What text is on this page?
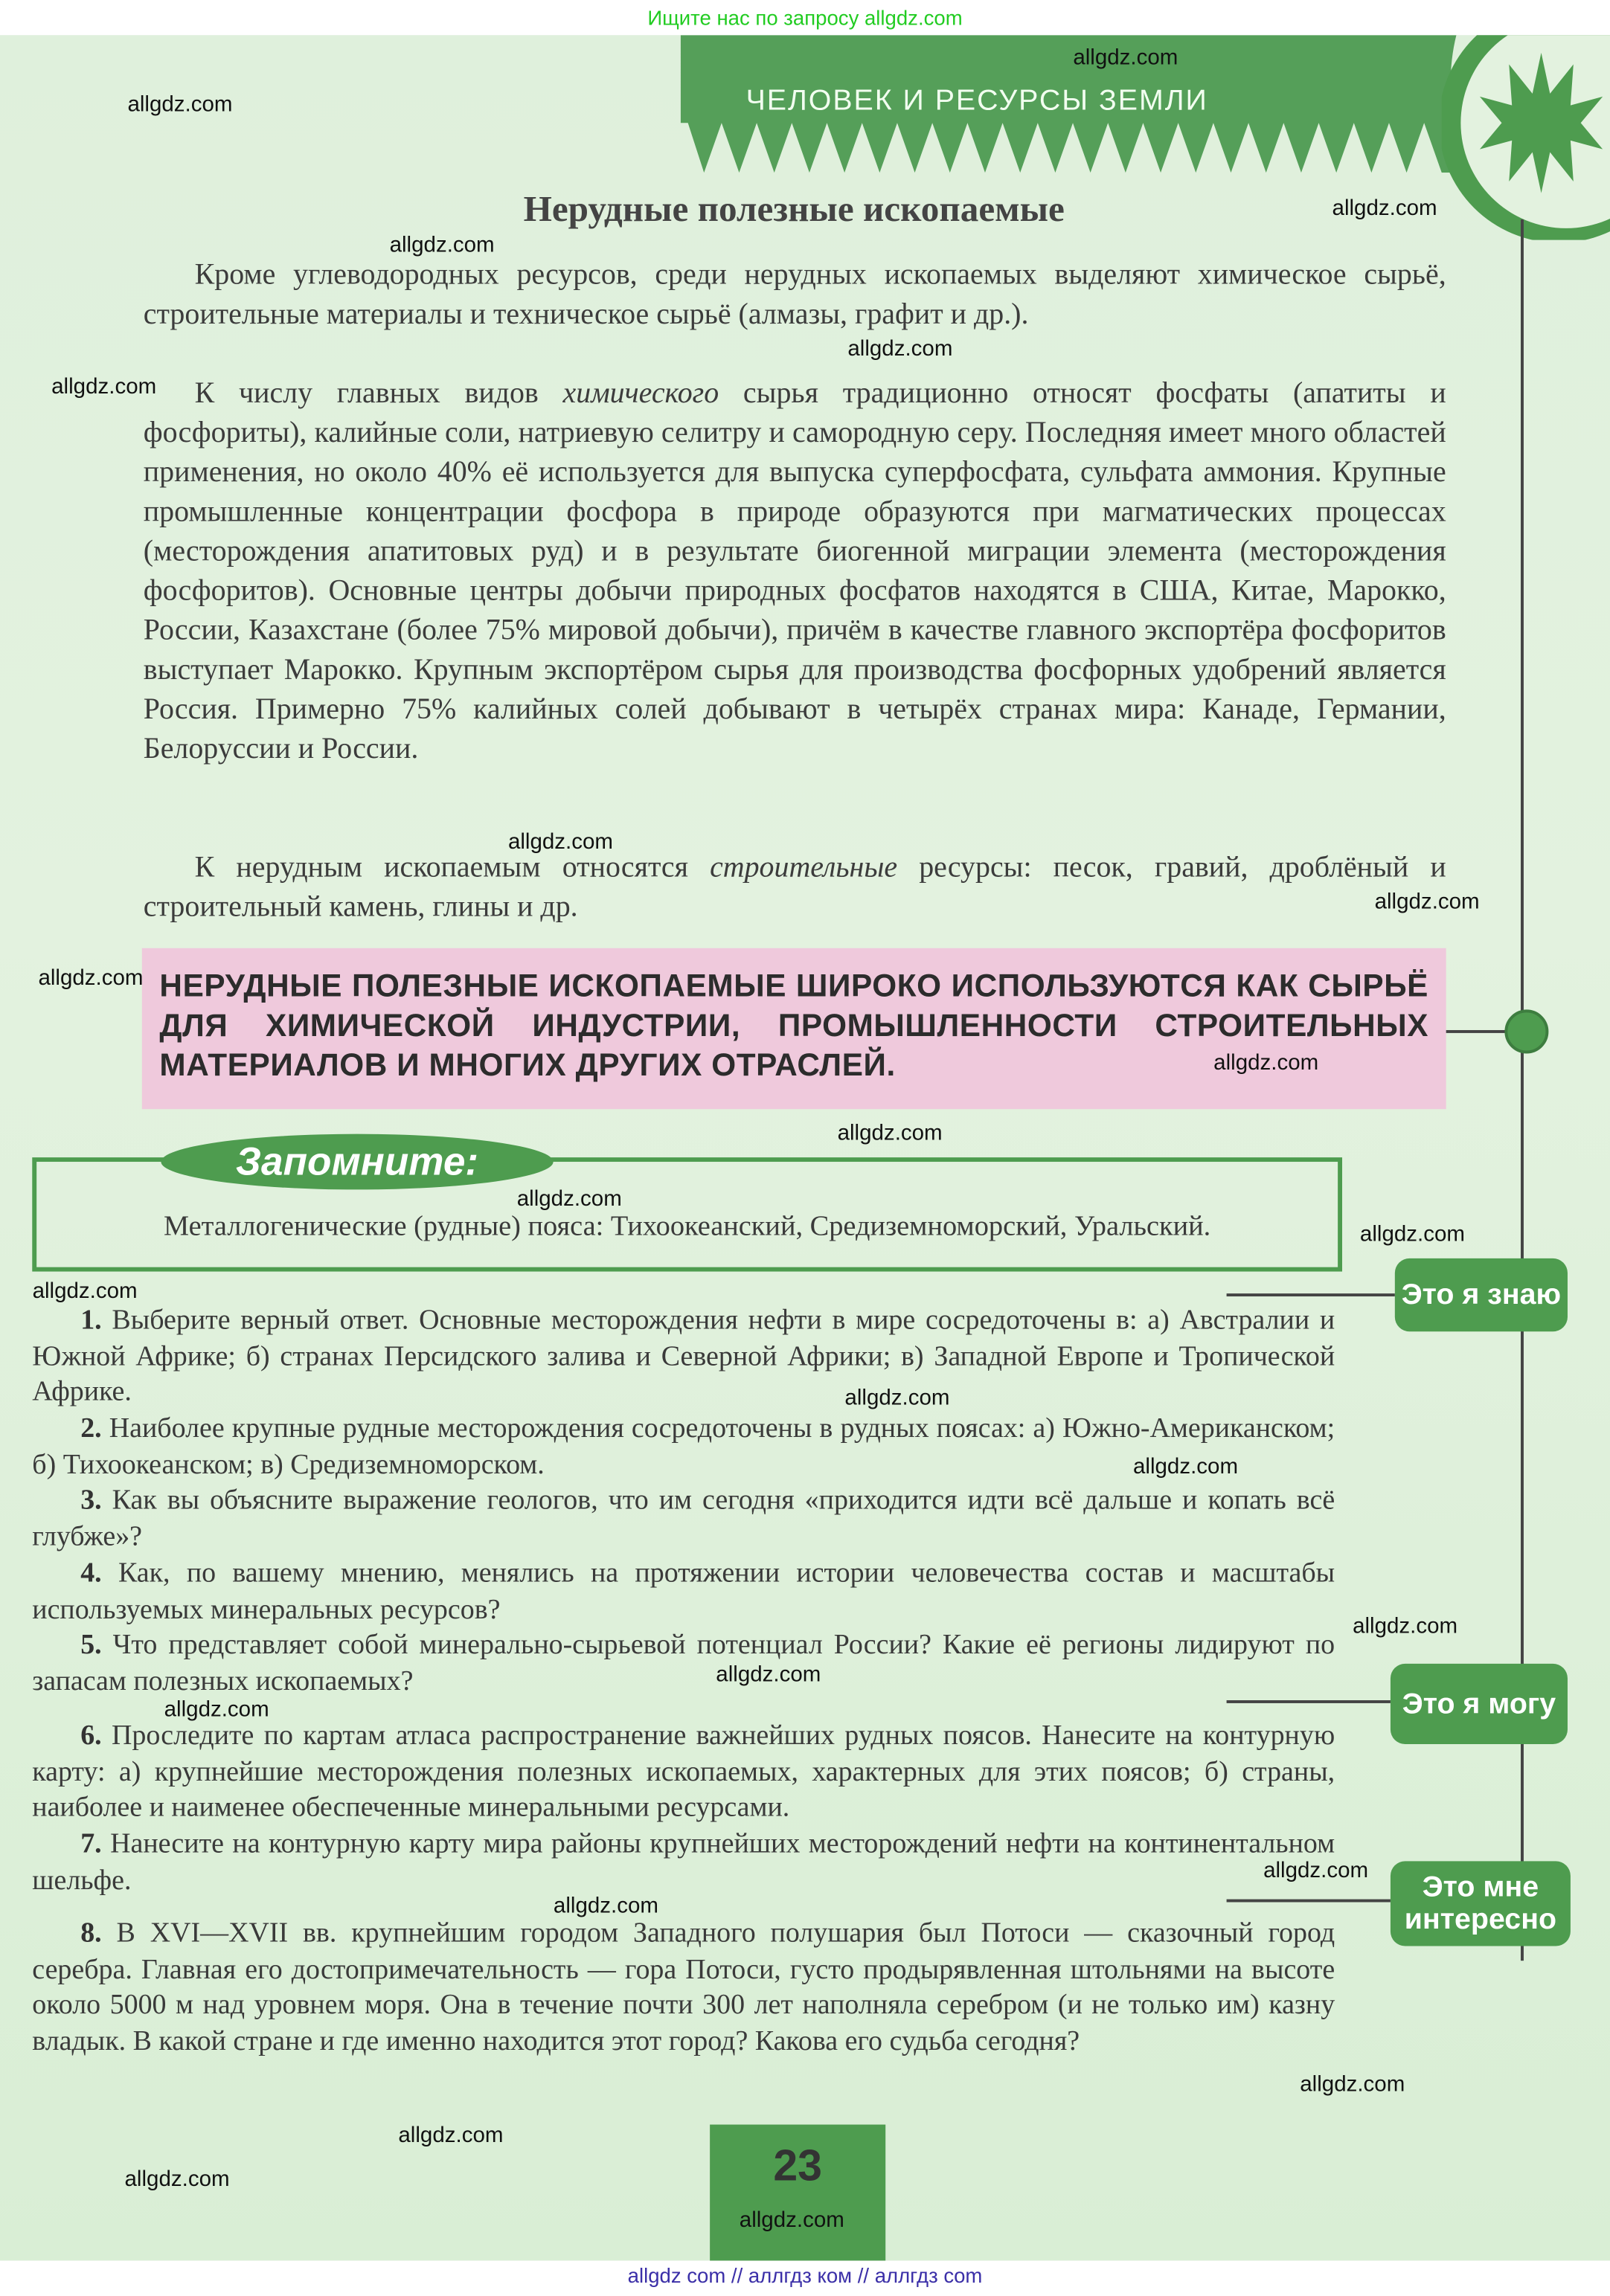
Ищите нас по запросу allgdz.com
ЧЕЛОВЕК И РЕСУРСЫ ЗЕМЛИ
Нерудные полезные ископаемые

Кроме углеводородных ресурсов, среди нерудных ископаемых выделяют химическое сырьё, строительные материалы и техническое сырьё (алмазы, графит и др.).

К числу главных видов химического сырья традиционно относят фосфаты (апатиты и фосфориты), калийные соли, натриевую селитру и самородную серу. Последняя имеет много областей применения, но около 40% её используется для выпуска суперфосфата, сульфата аммония. Крупные промышленные концентрации фосфора в природе образуются при магматических процессах (месторождения апатитовых руд) и в результате биогенной миграции элемента (месторождения фосфоритов). Основные центры добычи природных фосфатов находятся в США, Китае, Марокко, России, Казахстане (более 75% мировой добычи), причём в качестве главного экспортёра фосфоритов выступает Марокко. Крупным экспортёром сырья для производства фосфорных удобрений является Россия. Примерно 75% калийных солей добывают в четырёх странах мира: Канаде, Германии, Белоруссии и России.

К нерудным ископаемым относятся строительные ресурсы: песок, гравий, дроблёный и строительный камень, глины и др.

НЕРУДНЫЕ ПОЛЕЗНЫЕ ИСКОПАЕМЫЕ ШИРОКО ИСПОЛЬЗУЮТСЯ КАК СЫРЬЁ ДЛЯ ХИМИЧЕСКОЙ ИНДУСТРИИ, ПРОМЫШЛЕННОСТИ СТРОИТЕЛЬНЫХ МАТЕРИАЛОВ И МНОГИХ ДРУГИХ ОТРАСЛЕЙ.
Запомните:
Металлогенические (рудные) пояса: Тихоокеанский, Средиземноморский, Уральский.
Это я знаю
Это я могу
Это мне интересно

1. Выберите верный ответ. Основные месторождения нефти в мире сосредоточены в: а) Австралии и Южной Африке; б) странах Персидского залива и Северной Африки; в) Западной Европе и Тропической Африке.

2. Наиболее крупные рудные месторождения сосредоточены в рудных поясах: а) Южно-Американском; б) Тихоокеанском; в) Средиземноморском.

3. Как вы объясните выражение геологов, что им сегодня «приходится идти всё дальше и копать всё глубже»?

4. Как, по вашему мнению, менялись на протяжении истории человечества состав и масштабы используемых минеральных ресурсов?

5. Что представляет собой минерально-сырьевой потенциал России? Какие её регионы лидируют по запасам полезных ископаемых?

6. Проследите по картам атласа распространение важнейших рудных поясов. Нанесите на контурную карту: а) крупнейшие месторождения полезных ископаемых, характерных для этих поясов; б) страны, наиболее и наименее обеспеченные минеральными ресурсами.

7. Нанесите на контурную карту мира районы крупнейших месторождений нефти на континентальном шельфе.

8. В XVI—XVII вв. крупнейшим городом Западного полушария был Потоси — сказочный город серебра. Главная его достопримечательность — гора Потоси, густо продырявленная штольнями на высоте около 5000 м над уровнем моря. Она в течение почти 300 лет наполняла серебром (и не только им) казну владык. В какой стране и где именно находится этот город? Какова его судьба сегодня?

23
allgdz.com
allgdz.com
allgdz.com
allgdz.com
allgdz.com
allgdz.com
allgdz.com
allgdz.com
allgdz.com
allgdz.com
allgdz.com
allgdz.com
allgdz.com
allgdz.com
allgdz.com
allgdz.com
allgdz.com
allgdz.com
allgdz.com
allgdz.com
allgdz.com
allgdz.com
allgdz.com
allgdz.com
allgdz.com
allgdz com // аллгдз ком // аллгдз com
